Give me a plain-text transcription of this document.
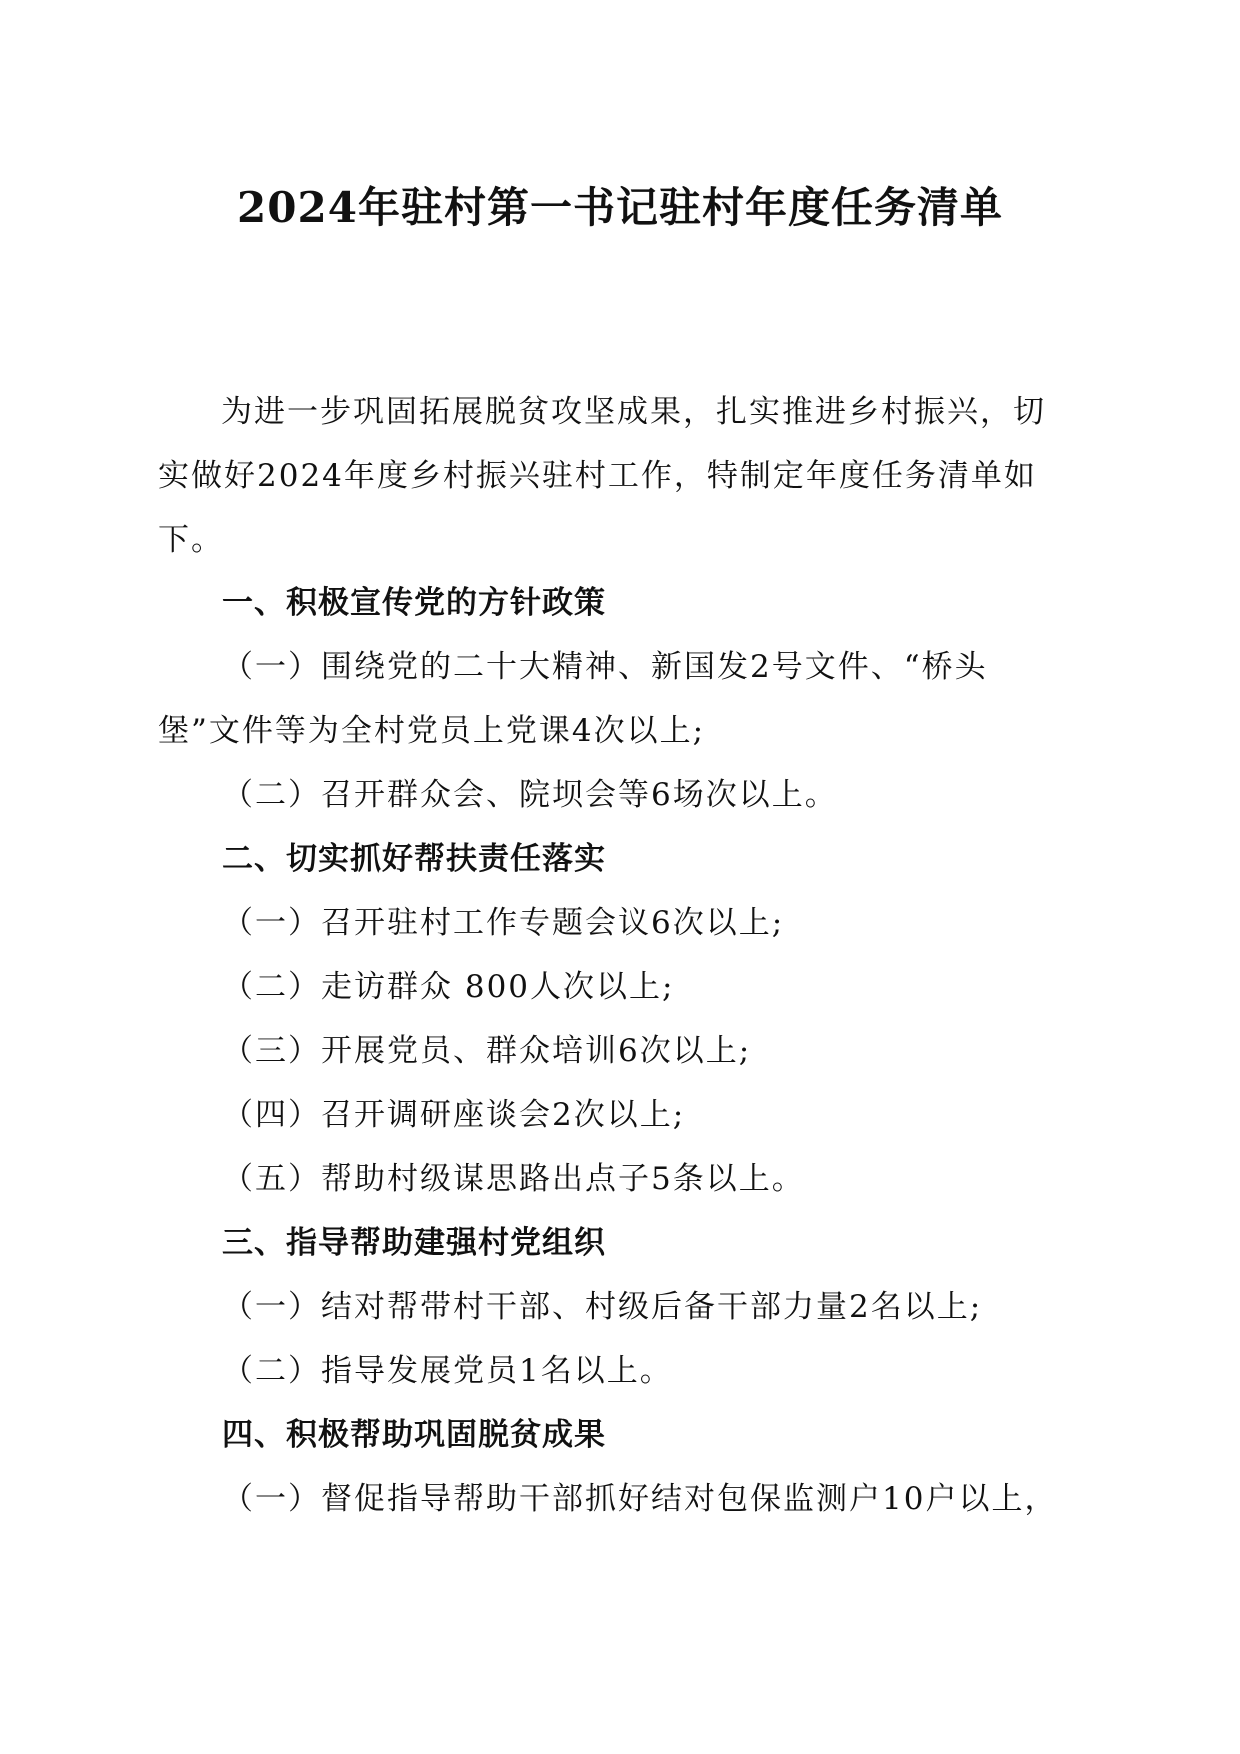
2024年驻村第一书记驻村年度任务清单

为进一步巩固拓展脱贫攻坚成果，扎实推进乡村振兴，切实做好2024年度乡村振兴驻村工作，特制定年度任务清单如下。

一、积极宣传党的方针政策

（一）围绕党的二十大精神、新国发2号文件、“桥头堡”文件等为全村党员上党课4次以上;

（二）召开群众会、院坝会等6场次以上。
二、切实抓好帮扶责任落实
（一）召开驻村工作专题会议6次以上;
（二）走访群众 800人次以上;
（三）开展党员、群众培训6次以上;
（四）召开调研座谈会2次以上;
（五）帮助村级谋思路出点子5条以上。
三、指导帮助建强村党组织
（一）结对帮带村干部、村级后备干部力量2名以上;
（二）指导发展党员1名以上。
四、积极帮助巩固脱贫成果
（一）督促指导帮助干部抓好结对包保监测户10户以上，
